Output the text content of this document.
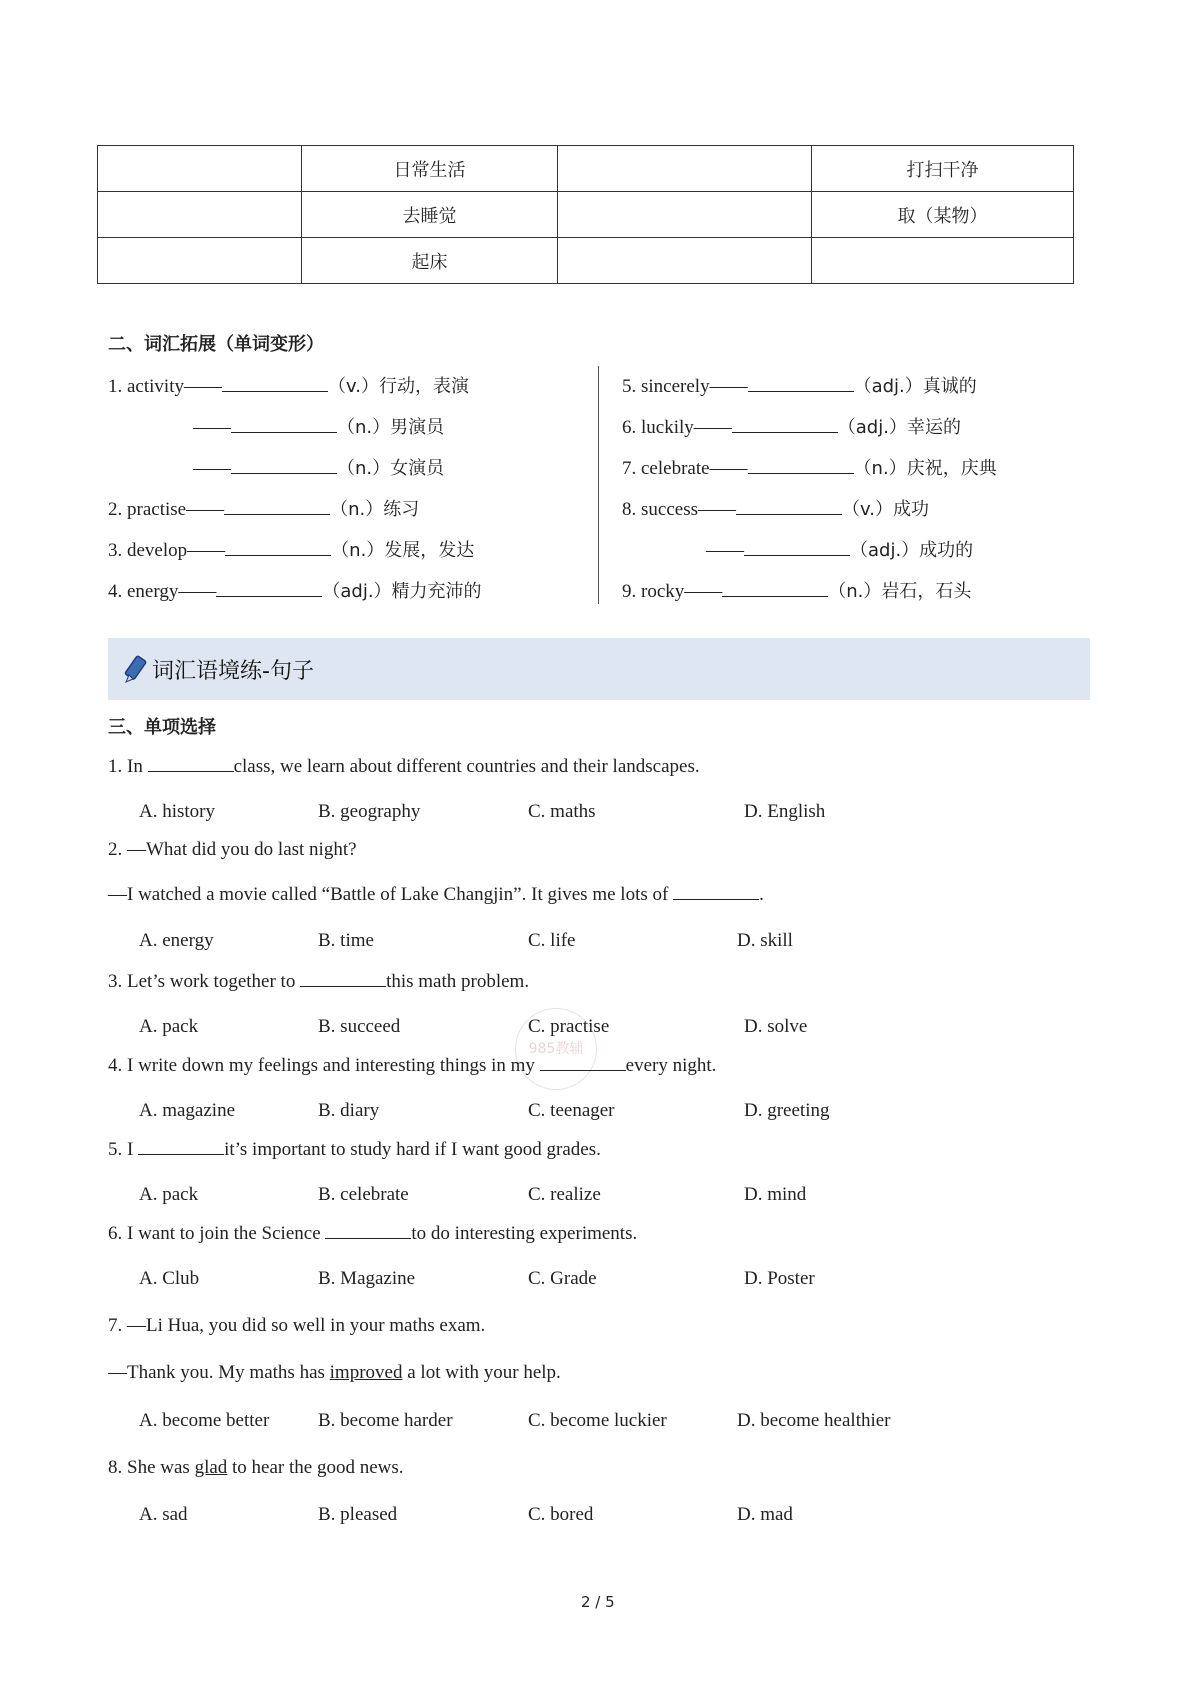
	日常生活		打扫干净
	去睡觉		取（某物）
	起床		
二、词汇拓展（单词变形）
1. activity——	（v.）行动，表演
——	（n.）男演员
——	（n.）女演员
2. practise——	（n.）练习
3. develop——	（n.）发展，发达
4. energy——	（adj.）精力充沛的
5. sincerely——	（adj.）真诚的
6. luckily——	（adj.）幸运的
7. celebrate——	（n.）庆祝，庆典
8. success——	（v.）成功
——	（adj.）成功的
9. rocky——	（n.）岩石，石头
词汇语境练-句子
三、单项选择
1. In	class, we learn about different countries and their landscapes.
A. history	B. geography	C. maths	D. English
2. —What did you do last night?
—I watched a movie called “Battle of Lake Changjin”. It gives me lots of	.
A. energy	B. time	C. life	D. skill
3. Let’s work together to	this math problem.
A. pack	B. succeed	C. practise	D. solve
985教辅
4. I write down my feelings and interesting things in my	every night.
A. magazine	B. diary	C. teenager	D. greeting
5. I	it’s important to study hard if I want good grades.
A. pack	B. celebrate	C. realize	D. mind
6. I want to join the Science	to do interesting experiments.
A. Club	B. Magazine	C. Grade	D. Poster
7. —Li Hua, you did so well in your maths exam.
—Thank you. My maths has improved a lot with your help.
A. become better	B. become harder	C. become luckier	D. become healthier
8. She was glad to hear the good news.
A. sad	B. pleased	C. bored	D. mad
2 / 5
